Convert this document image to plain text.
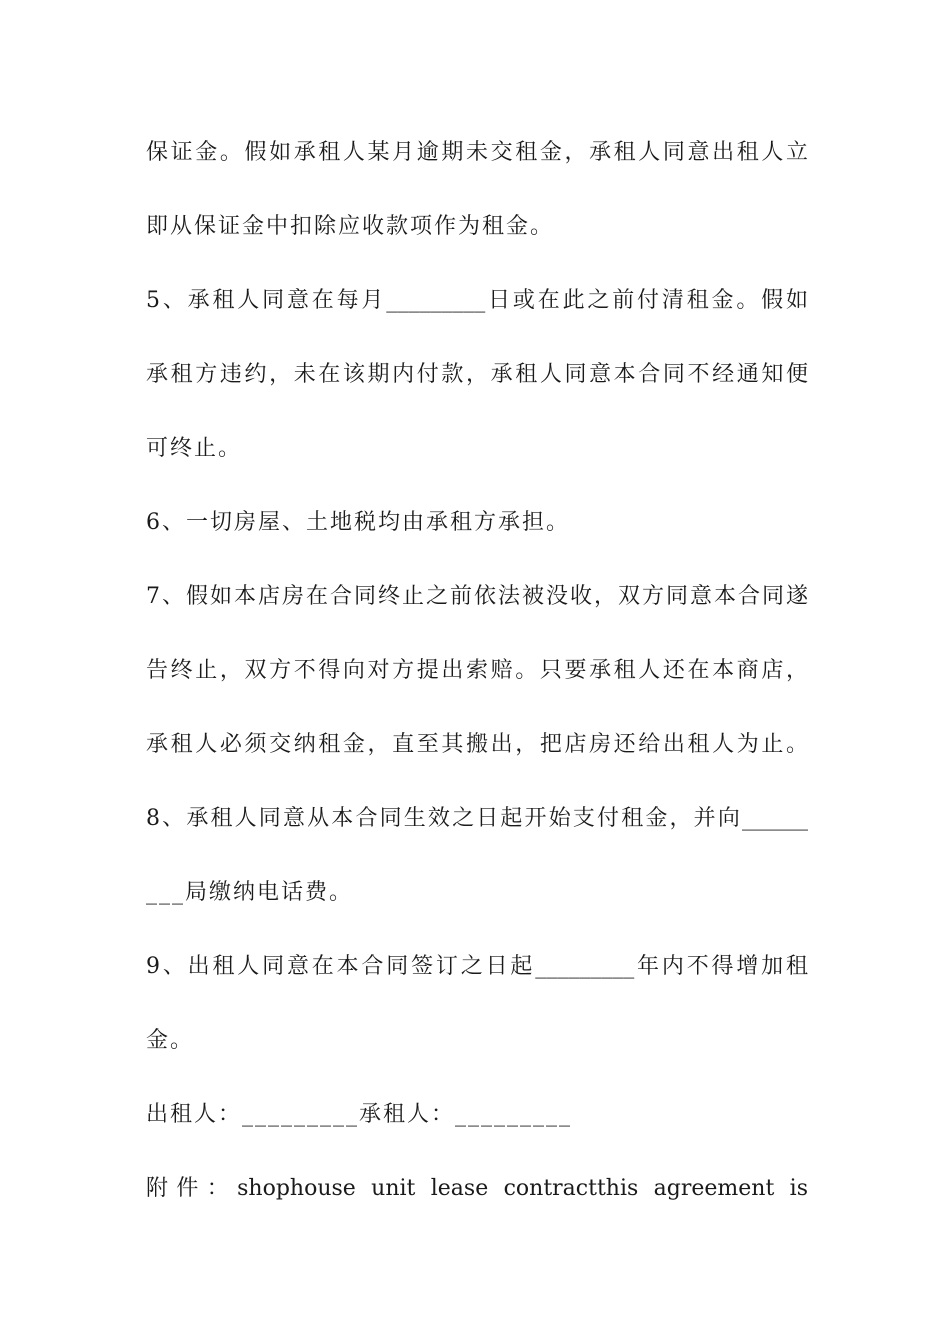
保证金。假如承租人某月逾期未交租金，承租人同意出租人立

即从保证金中扣除应收款项作为租金。

5、承租人同意在每月_________日或在此之前付清租金。假如

承租方违约，未在该期内付款，承租人同意本合同不经通知便

可终止。

6、一切房屋、土地税均由承租方承担。

7、假如本店房在合同终止之前依法被没收，双方同意本合同遂

告终止，双方不得向对方提出索赔。只要承租人还在本商店，

承租人必须交纳租金，直至其搬出，把店房还给出租人为止。

8、承租人同意从本合同生效之日起开始支付租金，并向______

___局缴纳电话费。

9、出租人同意在本合同签订之日起_________年内不得增加租

金。

出租人：_________承租人：_________

附件：shophouse unit lease contractthis agreement is
